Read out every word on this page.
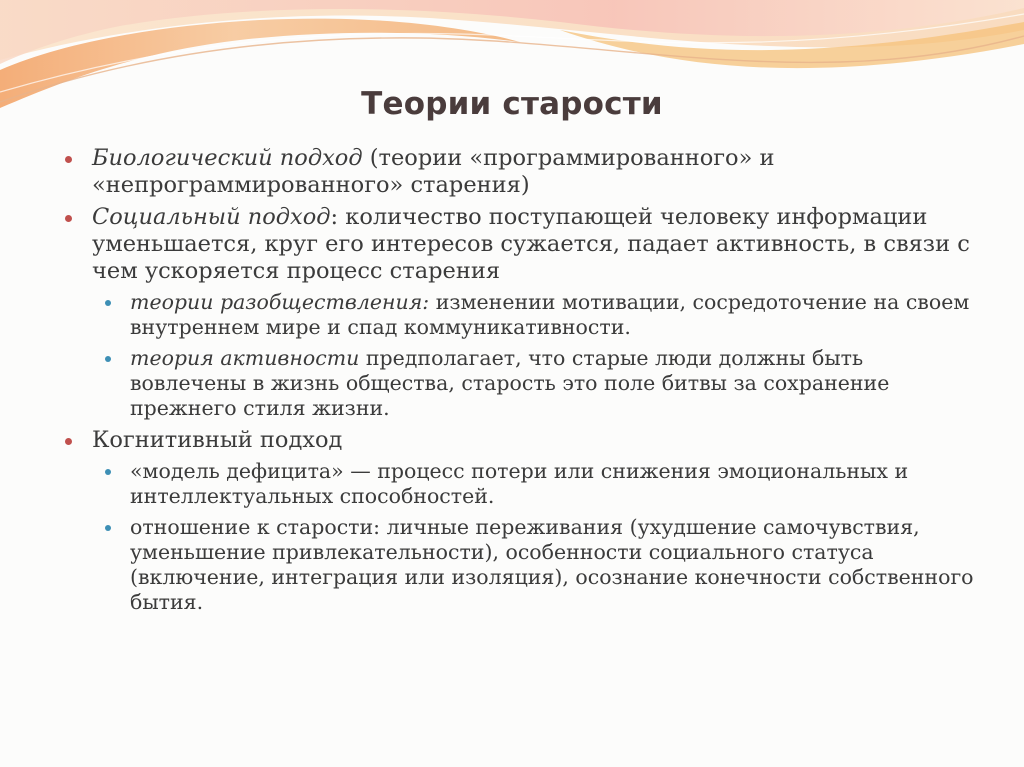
Теории старости
Биологический подход (теории «программированного» и «непрограммированного» старения)
Социальный подход: количество поступающей человеку информации уменьшается, круг его интересов сужается, падает активность, в связи с чем ускоряется процесс старения
теории разобществления: изменении мотивации, сосредоточение на своем внутреннем мире и спад коммуникативности.
теория активности предполагает, что старые люди должны быть вовлечены в жизнь общества, старость это поле битвы за сохранение прежнего стиля жизни.
Когнитивный подход
«модель дефицита» — процесс потери или снижения эмоциональных и интеллектуальных способностей.
отношение к старости: личные переживания (ухудшение самочувствия, уменьшение привлекательности), особенности социального статуса (включение, интеграция или изоляция), осознание конечности собственного бытия.
